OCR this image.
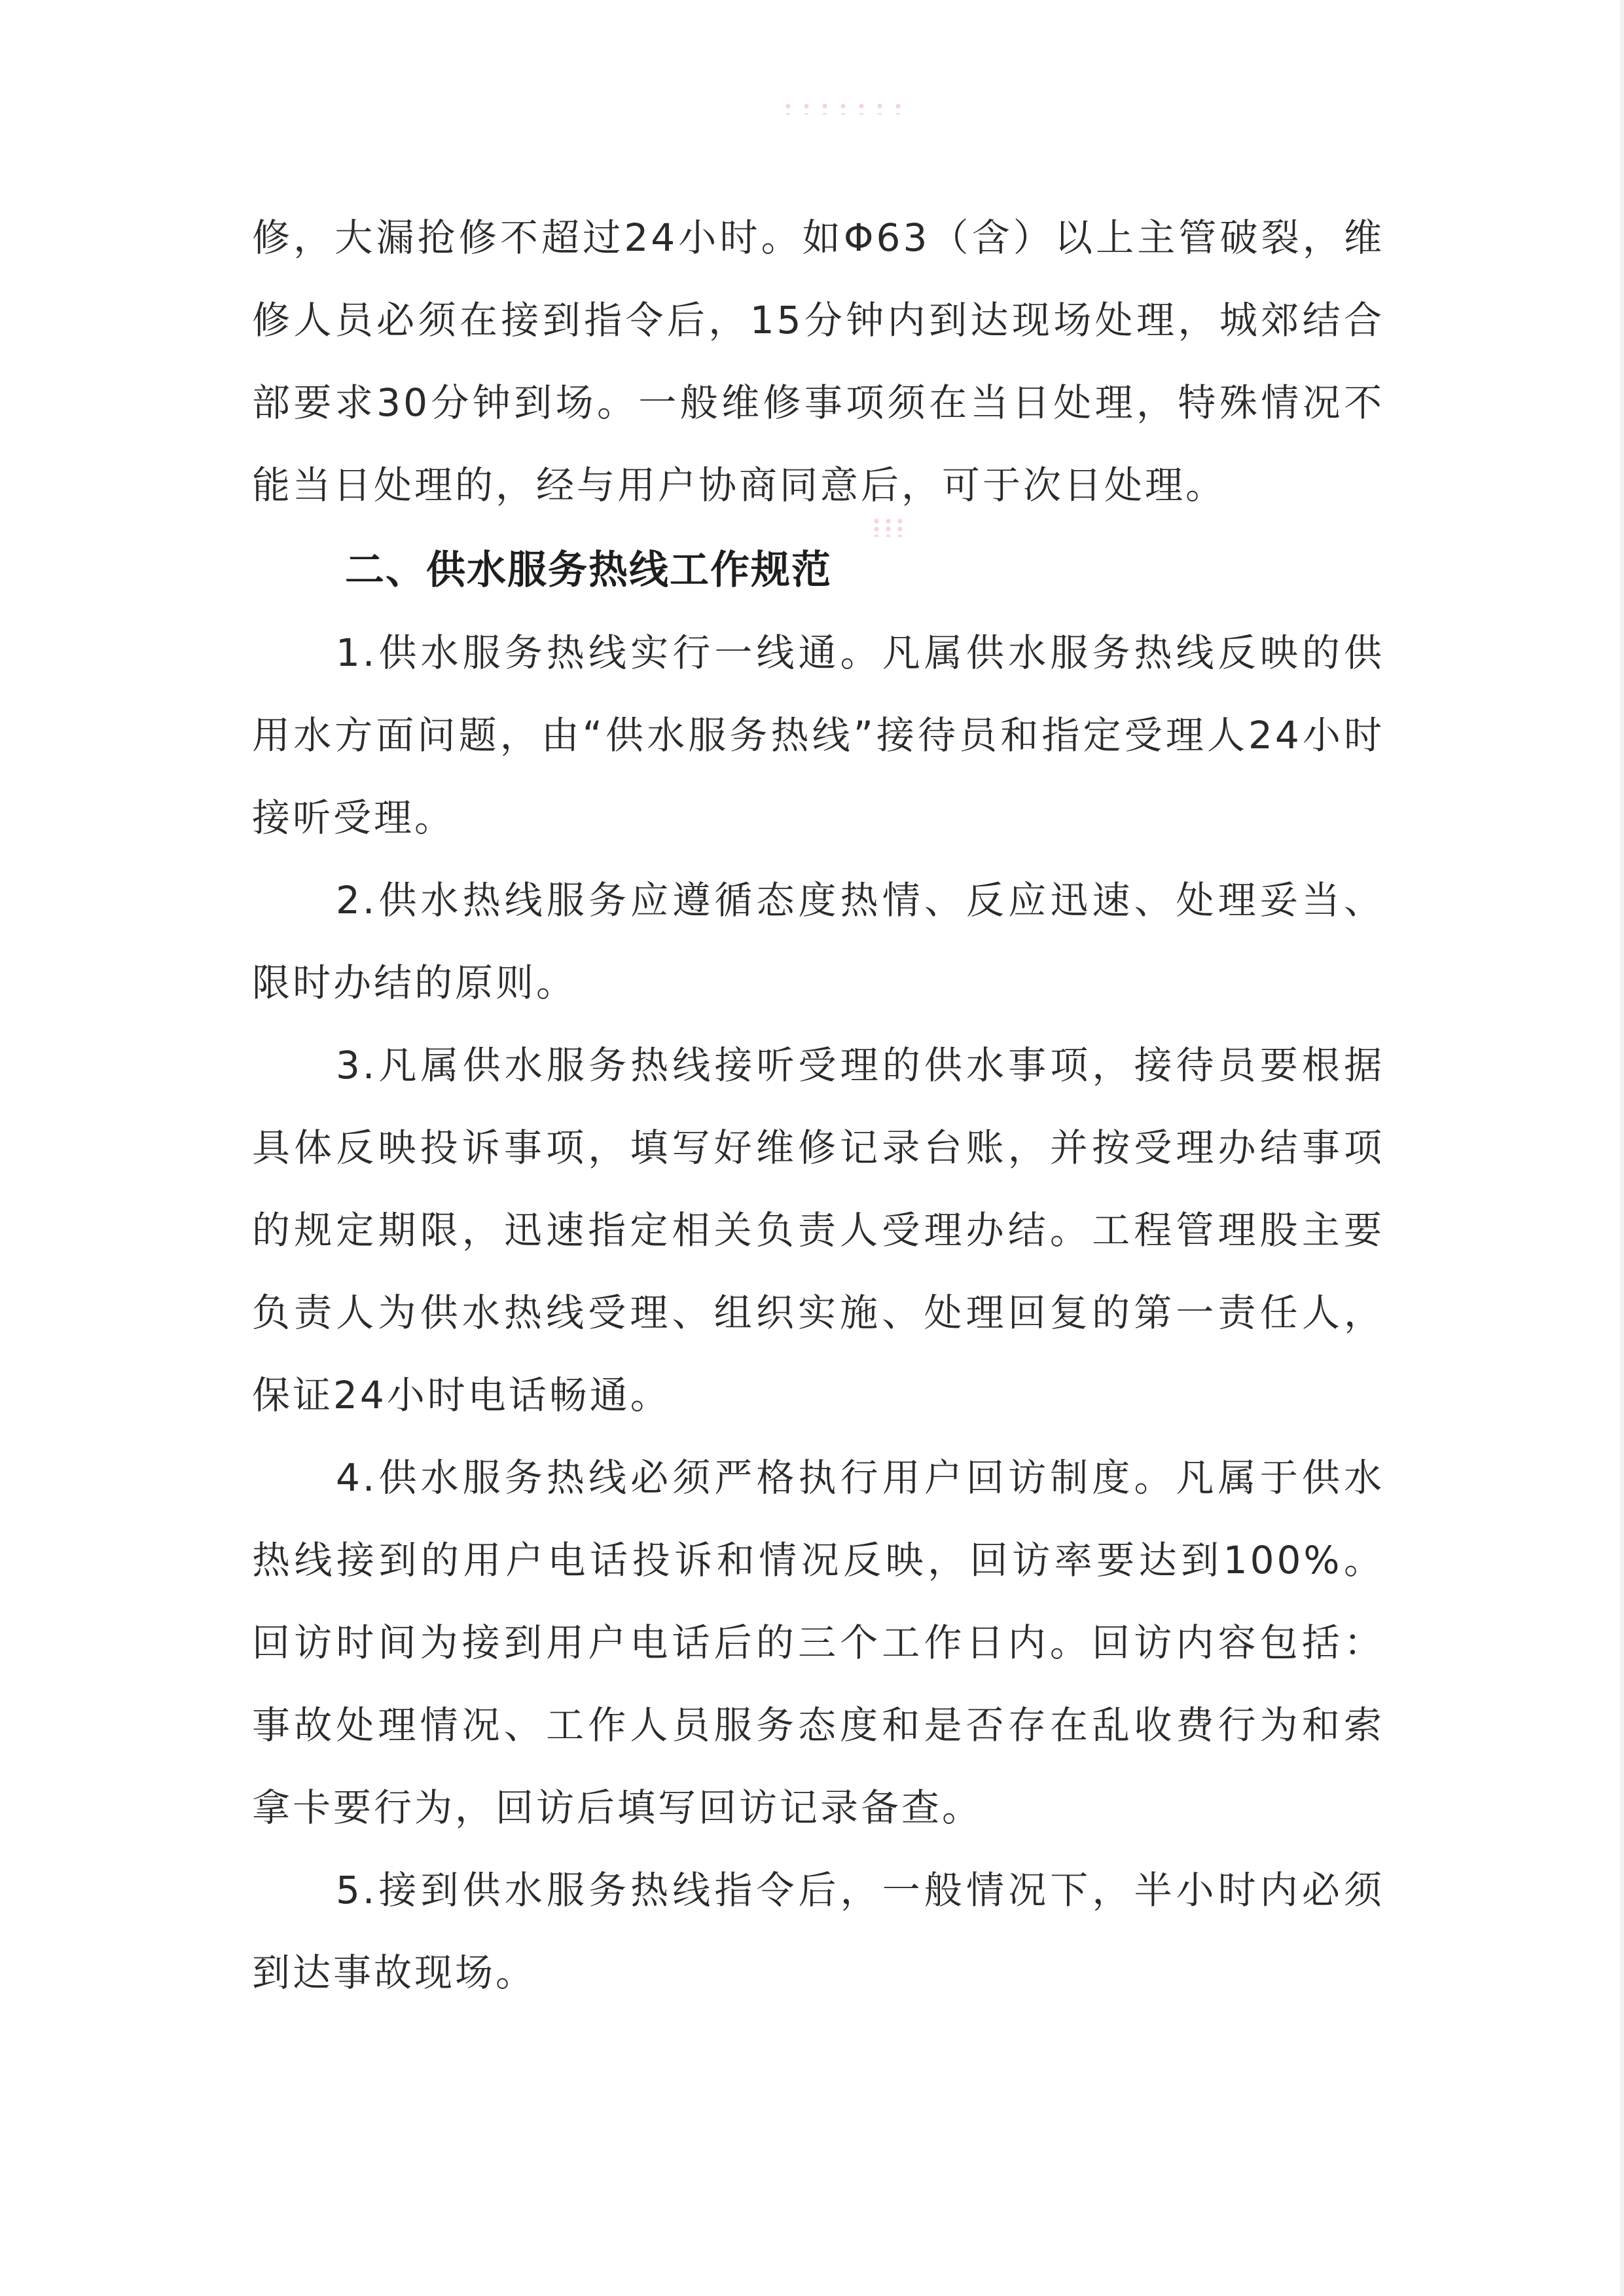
修，大漏抢修不超过24小时。如Φ63（含）以上主管破裂，维修人员必须在接到指令后，15分钟内到达现场处理，城郊结合部要求30分钟到场。一般维修事项须在当日处理，特殊情况不能当日处理的，经与用户协商同意后，可于次日处理。

二、供水服务热线工作规范

1.供水服务热线实行一线通。凡属供水服务热线反映的供用水方面问题，由“供水服务热线”接待员和指定受理人24小时接听受理。

2.供水热线服务应遵循态度热情、反应迅速、处理妥当、限时办结的原则。

3.凡属供水服务热线接听受理的供水事项，接待员要根据具体反映投诉事项，填写好维修记录台账，并按受理办结事项的规定期限，迅速指定相关负责人受理办结。工程管理股主要负责人为供水热线受理、组织实施、处理回复的第一责任人，保证24小时电话畅通。

4.供水服务热线必须严格执行用户回访制度。凡属于供水热线接到的用户电话投诉和情况反映，回访率要达到100%。回访时间为接到用户电话后的三个工作日内。回访内容包括：事故处理情况、工作人员服务态度和是否存在乱收费行为和索拿卡要行为，回访后填写回访记录备查。

5.接到供水服务热线指令后，一般情况下，半小时内必须到达事故现场。
